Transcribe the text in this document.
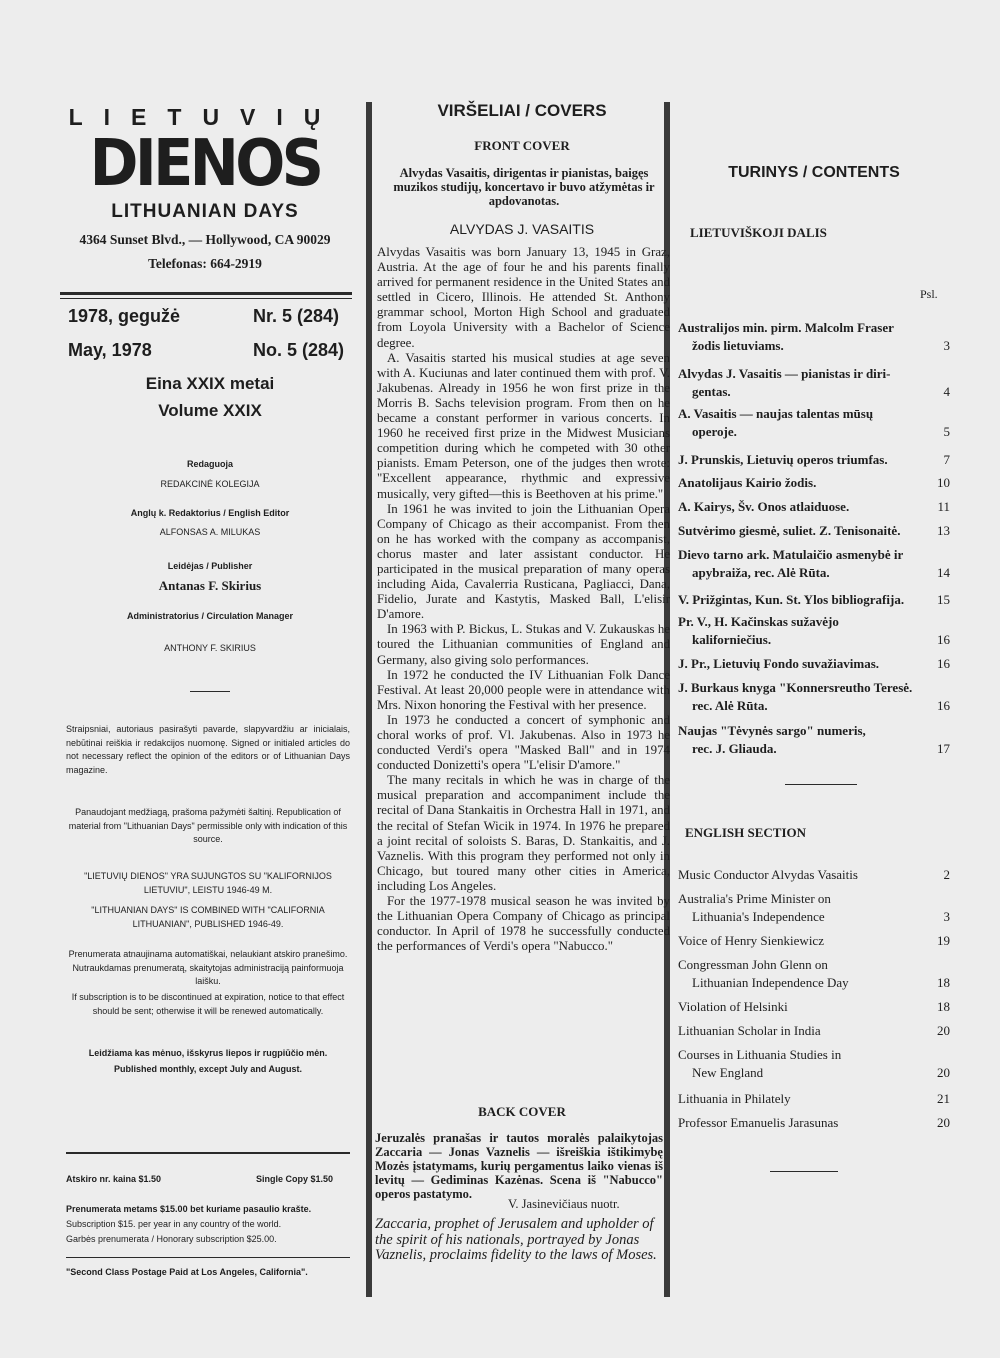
LIETUVIŲ
DIENOS
LITHUANIAN DAYS
4364 Sunset Blvd., — Hollywood, CA 90029
Telefonas: 664-2919
1978, gegužė	Nr. 5 (284)
May, 1978	No. 5 (284)
Eina XXIX metai
Volume XXIX
Redaguoja
REDAKCINĖ KOLEGIJA
Anglų k. Redaktorius / English Editor
ALFONSAS A. MILUKAS
Leidėjas / Publisher
Antanas F. Skirius
Administratorius / Circulation Manager
ANTHONY F. SKIRIUS
Straipsniai, autoriaus pasirašyti pavarde, slapyvardžiu ar inicialais, nebūtinai reiškia ir redakcijos nuomonę. Signed or initialed articles do not necessary reflect the opinion of the editors or of Lithuanian Days magazine.
Panaudojant medžiagą, prašoma pažymėti šaltinį. Republication of material from "Lithuanian Days" permissible only with indication of this source.
"LIETUVIŲ DIENOS" YRA SUJUNGTOS SU "KALIFORNIJOS LIETUVIU", LEISTU 1946-49 M.
"LITHUANIAN DAYS" IS COMBINED WITH "CALIFORNIA LITHUANIAN", PUBLISHED 1946-49.
Prenumerata atnaujinama automatiškai, nelaukiant atskiro pranešimo. Nutraukdamas prenumeratą, skaitytojas administraciją painformuoja laišku.
If subscription is to be discontinued at expiration, notice to that effect should be sent; otherwise it will be renewed automatically.
Leidžiama kas mėnuo, išskyrus liepos ir rugpiūčio mėn.
Published monthly, except July and August.
Atskiro nr. kaina $1.50	Single Copy $1.50
Prenumerata metams $15.00 bet kuriame pasaulio krašte.
Subscription $15. per year in any country of the world.
Garbės prenumerata / Honorary subscription $25.00.
"Second Class Postage Paid at Los Angeles, California".
VIRŠELIAI / COVERS
FRONT COVER
Alvydas Vasaitis, dirigentas ir pianistas, baigęs muzikos studijų, koncertavo ir buvo atžymėtas ir apdovanotas.
ALVYDAS J. VASAITIS

Alvydas Vasaitis was born January 13, 1945 in Graz, Austria. At the age of four he and his parents finally arrived for permanent residence in the United States and settled in Cicero, Illinois. He attended St. Anthony grammar school, Morton High School and graduated from Loyola University with a Bachelor of Science degree.

A. Vasaitis started his musical studies at age seven with A. Kuciunas and later continued them with prof. V. Jakubenas. Already in 1956 he won first prize in the Morris B. Sachs television program. From then on he became a constant performer in various concerts. In 1960 he received first prize in the Midwest Musicians competition during which he competed with 30 other pianists. Emam Peterson, one of the judges then wrote: "Excellent appearance, rhythmic and expressive musically, very gifted—this is Beethoven at his prime."

In 1961 he was invited to join the Lithuanian Opera Company of Chicago as their accompanist. From then on he has worked with the company as accompanist, chorus master and later assistant conductor. He participated in the musical preparation of many operas including Aida, Cavalerria Rusticana, Pagliacci, Dana, Fidelio, Jurate and Kastytis, Masked Ball, L'elisir D'amore.

In 1963 with P. Bickus, L. Stukas and V. Zukauskas he toured the Lithuanian communities of England and Germany, also giving solo performances.

In 1972 he conducted the IV Lithuanian Folk Dance Festival. At least 20,000 people were in attendance with Mrs. Nixon honoring the Festival with her presence.

In 1973 he conducted a concert of symphonic and choral works of prof. Vl. Jakubenas. Also in 1973 he conducted Verdi's opera "Masked Ball" and in 1974 conducted Donizetti's opera "L'elisir D'amore."

The many recitals in which he was in charge of the musical preparation and accompaniment include the recital of Dana Stankaitis in Orchestra Hall in 1971, and the recital of Stefan Wicik in 1974. In 1976 he prepared a joint recital of soloists S. Baras, D. Stankaitis, and J. Vaznelis. With this program they performed not only in Chicago, but toured many other cities in America, including Los Angeles.

For the 1977-1978 musical season he was invited by the Lithuanian Opera Company of Chicago as principal conductor. In April of 1978 he successfully conducted the performances of Verdi's opera "Nabucco."

BACK COVER
Jeruzalės pranašas ir tautos moralės palaikytojas Zaccaria — Jonas Vaznelis — išreiškia ištikimybę Mozės įstatymams, kurių pergamentus laiko vienas iš levitų — Gediminas Kazėnas. Scena iš "Nabucco" operos pastatymo.
V. Jasinevičiaus nuotr.
Zaccaria, prophet of Jerusalem and upholder of the spirit of his nationals, portrayed by Jonas Vaznelis, proclaims fidelity to the laws of Moses.
TURINYS / CONTENTS
LIETUVIŠKOJI DALIS
Psl.
Australijos min. pirm. Malcolm Fraser
žodis lietuviams.	3
Alvydas J. Vasaitis — pianistas ir diri-
gentas.	4
A. Vasaitis — naujas talentas mūsų
operoje.	5
J. Prunskis, Lietuvių operos triumfas.	7
Anatolijaus Kairio žodis.	10
A. Kairys, Šv. Onos atlaiduose.	11
Sutvėrimo giesmė, suliet. Z. Tenisonaitė.	13
Dievo tarno ark. Matulaičio asmenybė ir
apybraiža, rec. Alė Rūta.	14
V. Prižgintas, Kun. St. Ylos bibliografija.	15
Pr. V., H. Kačinskas sužavėjo
kaliforniečius.	16
J. Pr., Lietuvių Fondo suvažiavimas.	16
J. Burkaus knyga "Konnersreutho Teresė.
rec. Alė Rūta.	16
Naujas "Tėvynės sargo" numeris,
rec. J. Gliauda.	17
ENGLISH SECTION
Music Conductor Alvydas Vasaitis	2
Australia's Prime Minister on
Lithuania's Independence	3
Voice of Henry Sienkiewicz	19
Congressman John Glenn on
Lithuanian Independence Day	18
Violation of Helsinki	18
Lithuanian Scholar in India	20
Courses in Lithuania Studies in
New England	20
Lithuania in Philately	21
Professor Emanuelis Jarasunas	20
